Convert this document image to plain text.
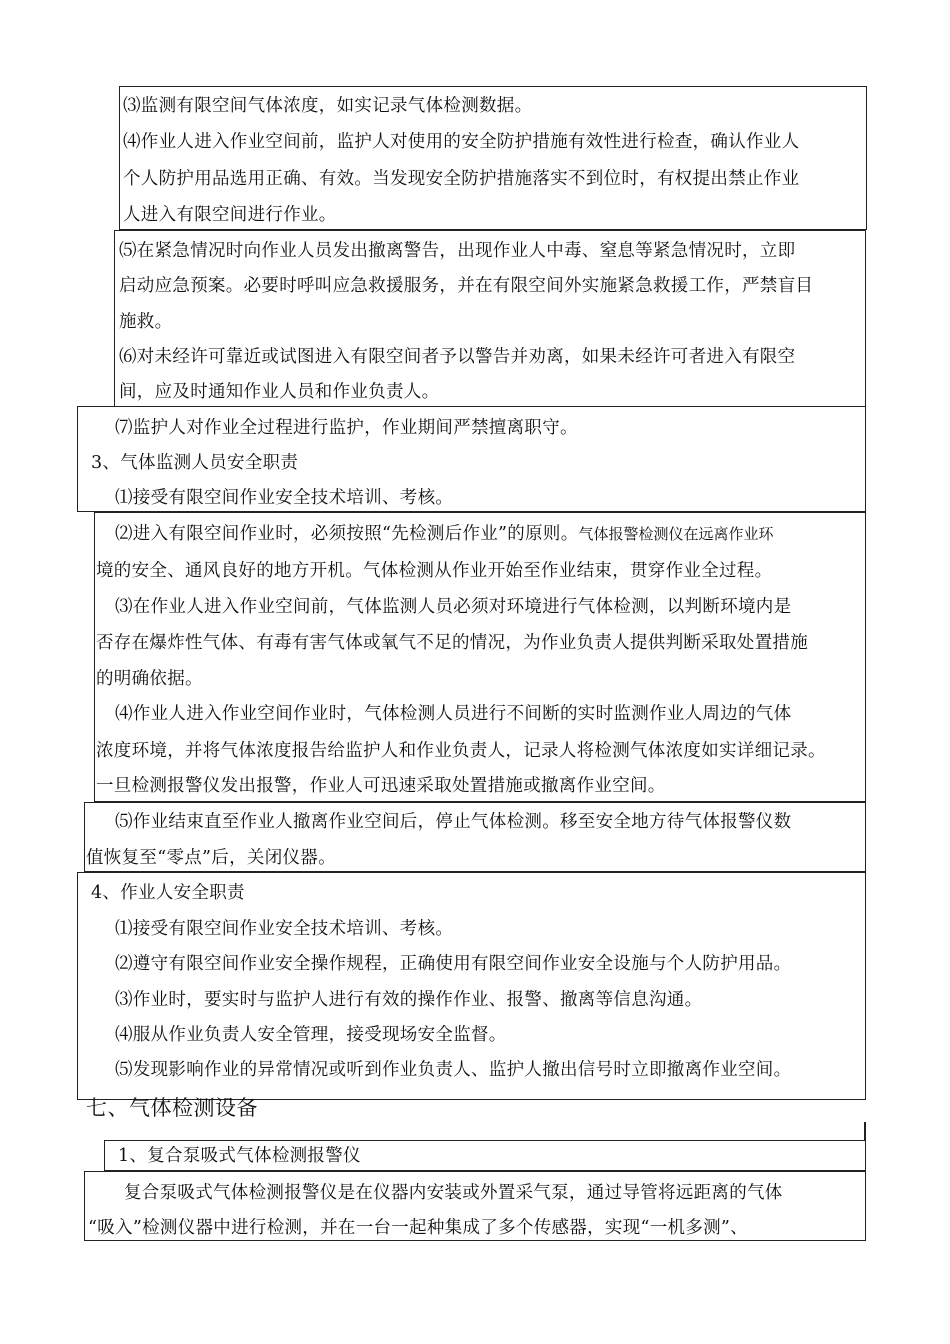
⑶监测有限空间气体浓度，如实记录气体检测数据。
⑷作业人进入作业空间前，监护人对使用的安全防护措施有效性进行检查，确认作业人
个人防护用品选用正确、有效。当发现安全防护措施落实不到位时，有权提出禁止作业
人进入有限空间进行作业。
⑸在紧急情况时向作业人员发出撤离警告，出现作业人中毒、窒息等紧急情况时，立即
启动应急预案。必要时呼叫应急救援服务，并在有限空间外实施紧急救援工作，严禁盲目
施救。
⑹对未经许可靠近或试图进入有限空间者予以警告并劝离，如果未经许可者进入有限空
间，应及时通知作业人员和作业负责人。
⑺监护人对作业全过程进行监护，作业期间严禁擅离职守。
3、气体监测人员安全职责
⑴接受有限空间作业安全技术培训、考核。
⑵进入有限空间作业时，必须按照“先检测后作业”的原则。气体报警检测仪在远离作业环
境的安全、通风良好的地方开机。气体检测从作业开始至作业结束，贯穿作业全过程。
⑶在作业人进入作业空间前，气体监测人员必须对环境进行气体检测，以判断环境内是
否存在爆炸性气体、有毒有害气体或氧气不足的情况，为作业负责人提供判断采取处置措施
的明确依据。
⑷作业人进入作业空间作业时，气体检测人员进行不间断的实时监测作业人周边的气体
浓度环境，并将气体浓度报告给监护人和作业负责人，记录人将检测气体浓度如实详细记录。
一旦检测报警仪发出报警，作业人可迅速采取处置措施或撤离作业空间。
⑸作业结束直至作业人撤离作业空间后，停止气体检测。移至安全地方待气体报警仪数
值恢复至“零点”后，关闭仪器。
4、作业人安全职责
⑴接受有限空间作业安全技术培训、考核。
⑵遵守有限空间作业安全操作规程，正确使用有限空间作业安全设施与个人防护用品。
⑶作业时，要实时与监护人进行有效的操作作业、报警、撤离等信息沟通。
⑷服从作业负责人安全管理，接受现场安全监督。
⑸发现影响作业的异常情况或听到作业负责人、监护人撤出信号时立即撤离作业空间。
七、气体检测设备
1、复合泵吸式气体检测报警仪
复合泵吸式气体检测报警仪是在仪器内安装或外置采气泵，通过导管将远距离的气体
“吸入”检测仪器中进行检测，并在一台一起种集成了多个传感器，实现“一机多测”、
